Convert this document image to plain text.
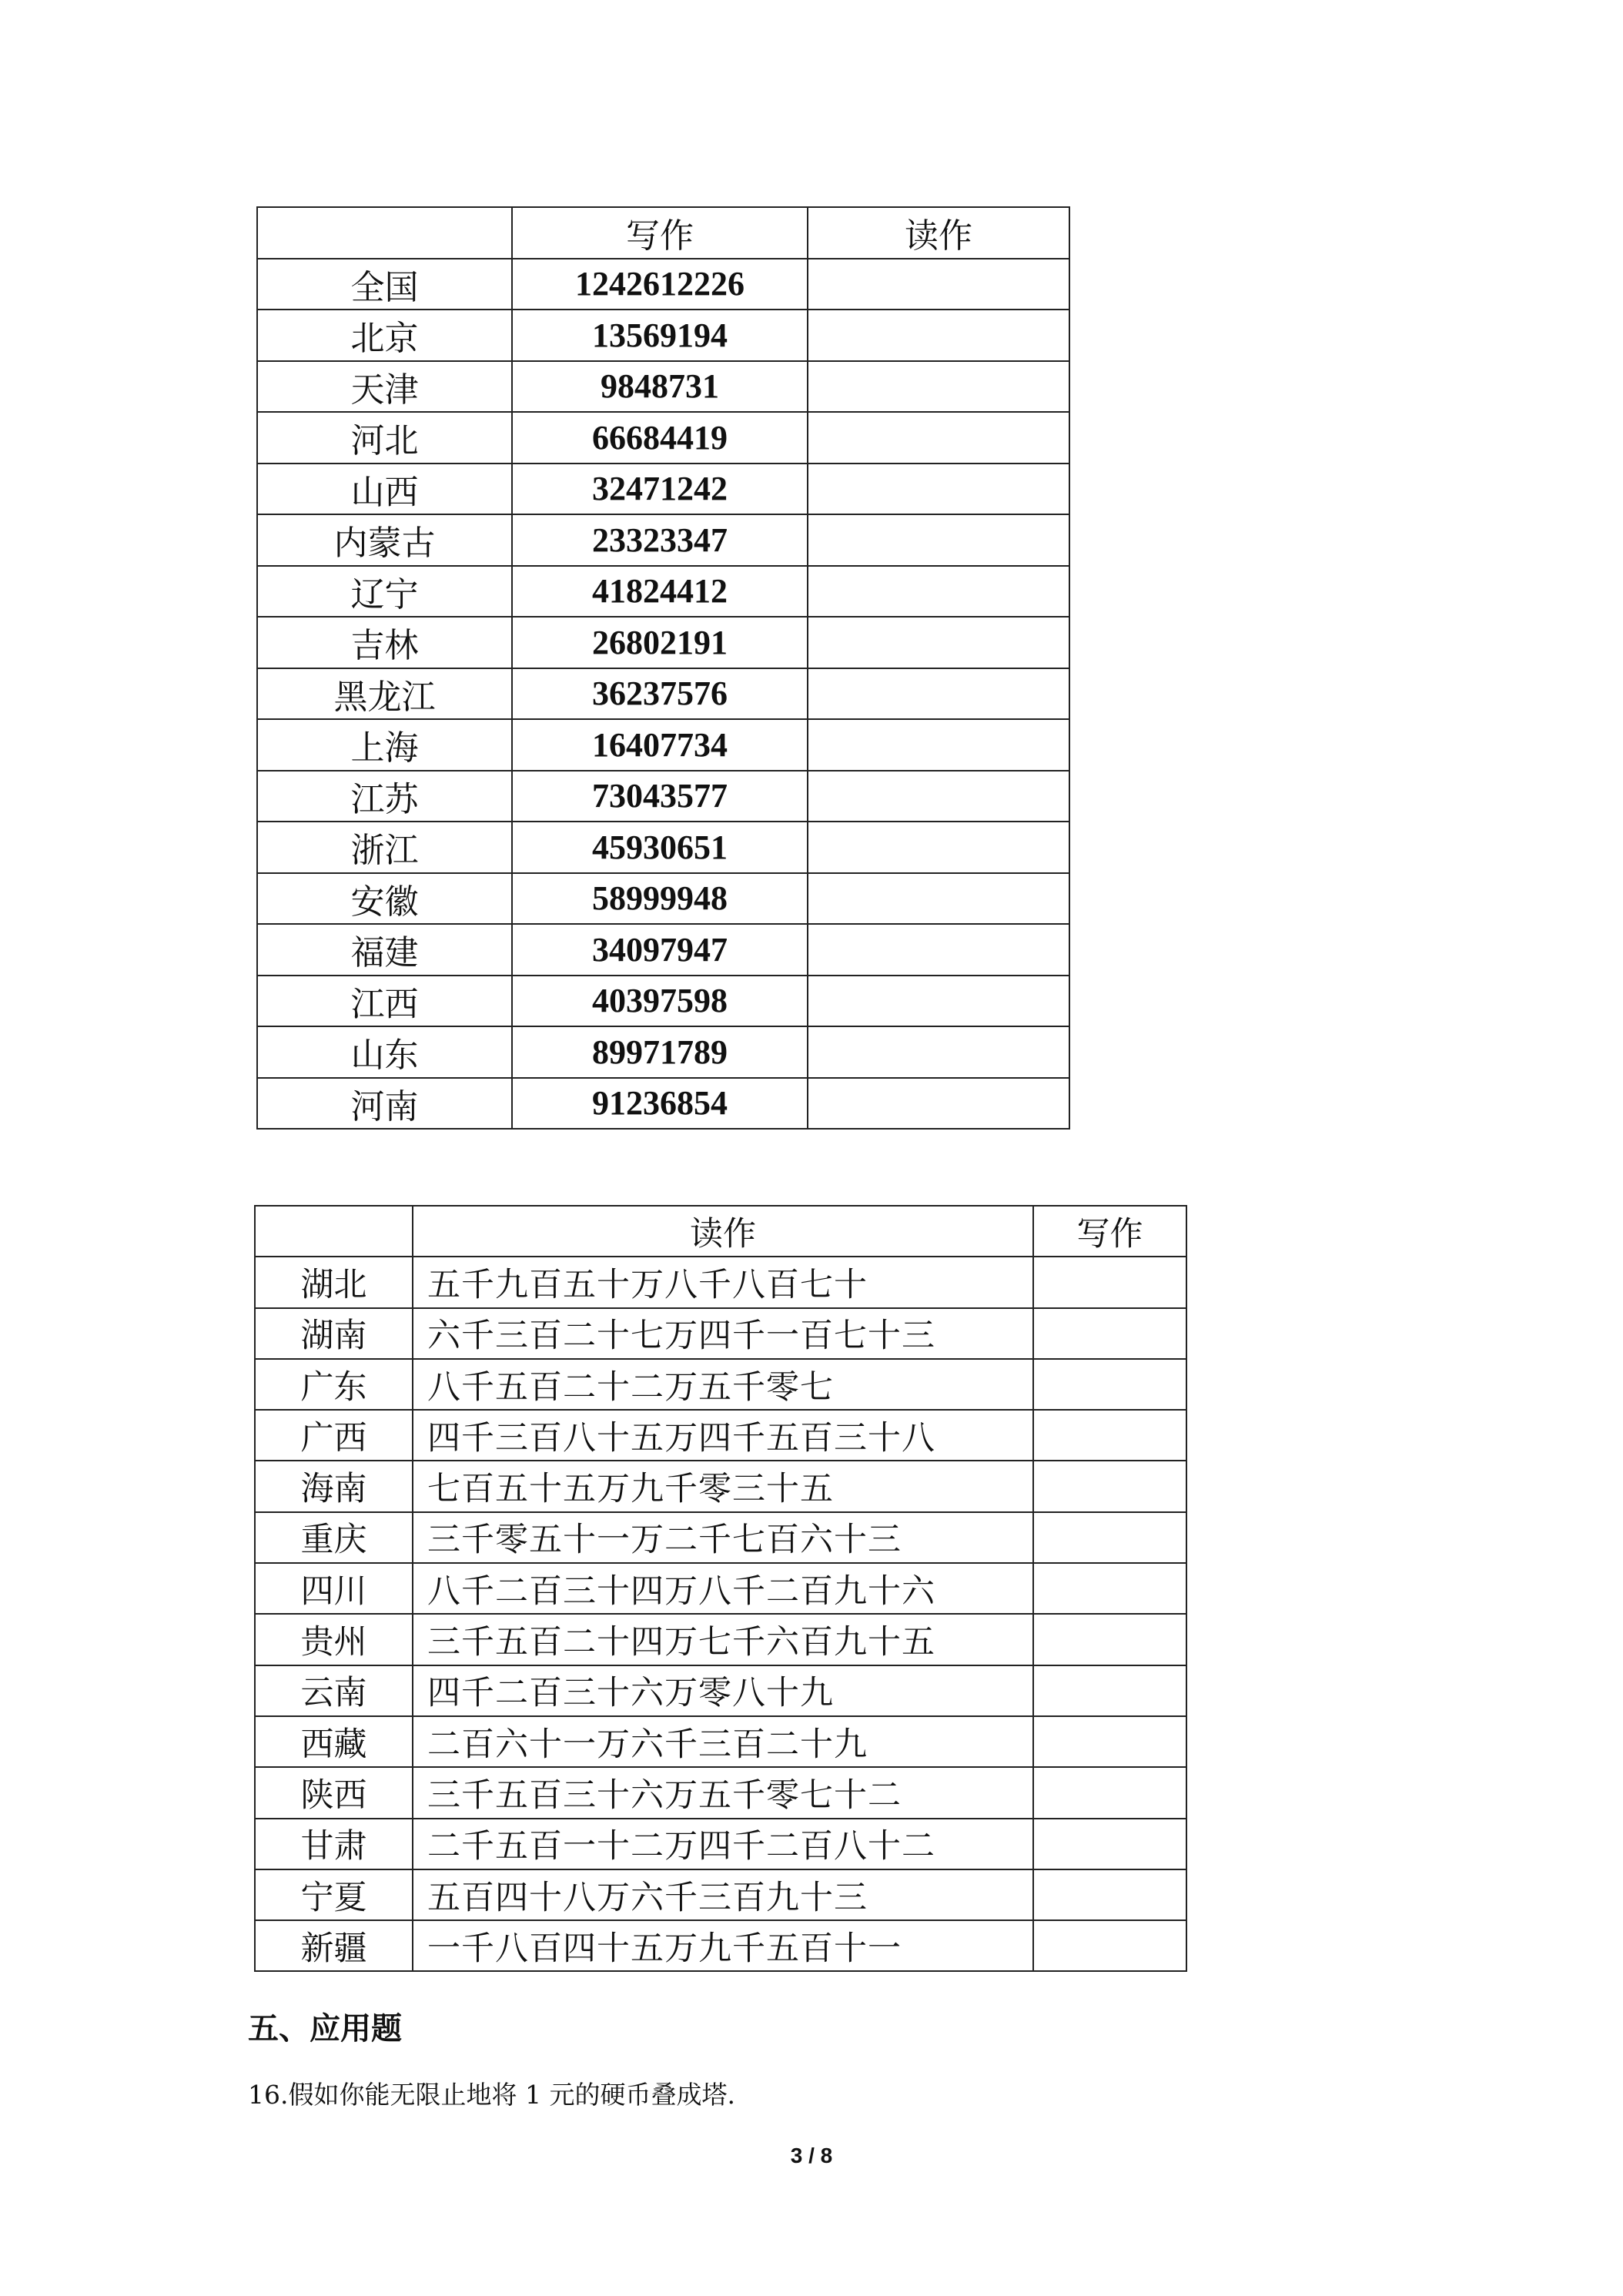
	写作	读作
全国	1242612226	
北京	13569194	
天津	9848731	
河北	66684419	
山西	32471242	
内蒙古	23323347	
辽宁	41824412	
吉林	26802191	
黑龙江	36237576	
上海	16407734	
江苏	73043577	
浙江	45930651	
安徽	58999948	
福建	34097947	
江西	40397598	
山东	89971789	
河南	91236854	
	读作	写作
湖北	五千九百五十万八千八百七十	
湖南	六千三百二十七万四千一百七十三	
广东	八千五百二十二万五千零七	
广西	四千三百八十五万四千五百三十八	
海南	七百五十五万九千零三十五	
重庆	三千零五十一万二千七百六十三	
四川	八千二百三十四万八千二百九十六	
贵州	三千五百二十四万七千六百九十五	
云南	四千二百三十六万零八十九	
西藏	二百六十一万六千三百二十九	
陕西	三千五百三十六万五千零七十二	
甘肃	二千五百一十二万四千二百八十二	
宁夏	五百四十八万六千三百九十三	
新疆	一千八百四十五万九千五百十一	
五、应用题

16.假如你能无限止地将 1 元的硬币叠成塔.

3 / 8
